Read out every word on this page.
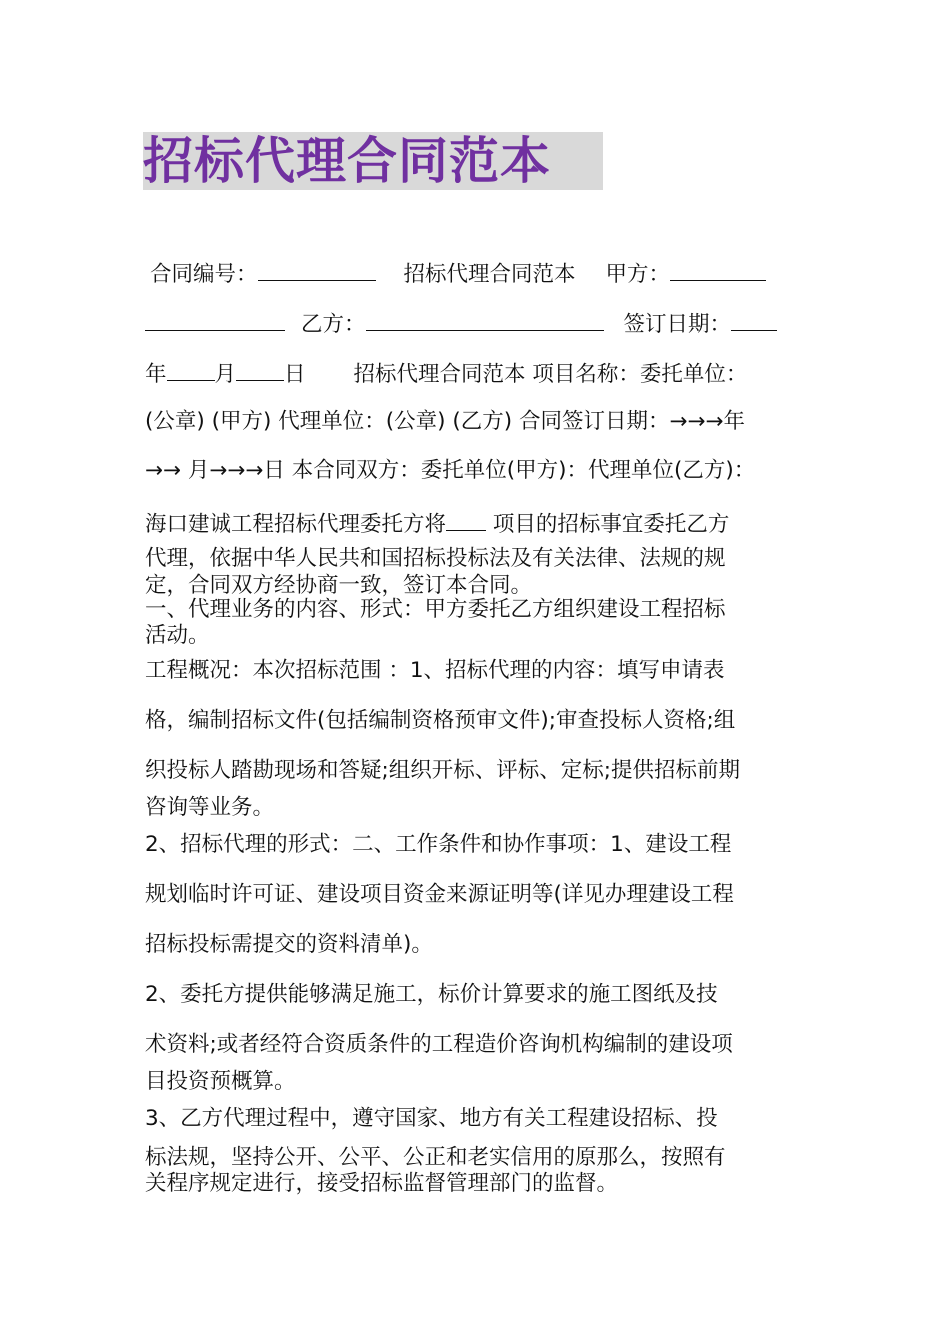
招标代理合同范本
合同编号：	招标代理合同范本 甲方：
乙方：	签订日期：
年 月 日 招标代理合同范本 项目名称：委托单位：
(公章) (甲方) 代理单位：(公章) (乙方) 合同签订日期：→→→年
→→ 月→→→日 本合同双方：委托单位(甲方)：代理单位(乙方)：
海口建诚工程招标代理委托方将 项目的招标事宜委托乙方
代理，依据中华人民共和国招标投标法及有关法律、法规的规
定，合同双方经协商一致，签订本合同。
一、代理业务的内容、形式：甲方委托乙方组织建设工程招标
活动。
工程概况：本次招标范围 ：1、招标代理的内容：填写申请表
格，编制招标文件(包括编制资格预审文件);审查投标人资格;组
织投标人踏勘现场和答疑;组织开标、评标、定标;提供招标前期
咨询等业务。
2、招标代理的形式：二、工作条件和协作事项：1、建设工程
规划临时许可证、建设项目资金来源证明等(详见办理建设工程
招标投标需提交的资料清单)。
2、委托方提供能够满足施工，标价计算要求的施工图纸及技
术资料;或者经符合资质条件的工程造价咨询机构编制的建设项
目投资预概算。
3、乙方代理过程中，遵守国家、地方有关工程建设招标、投
标法规，坚持公开、公平、公正和老实信用的原那么，按照有
关程序规定进行，接受招标监督管理部门的监督。
